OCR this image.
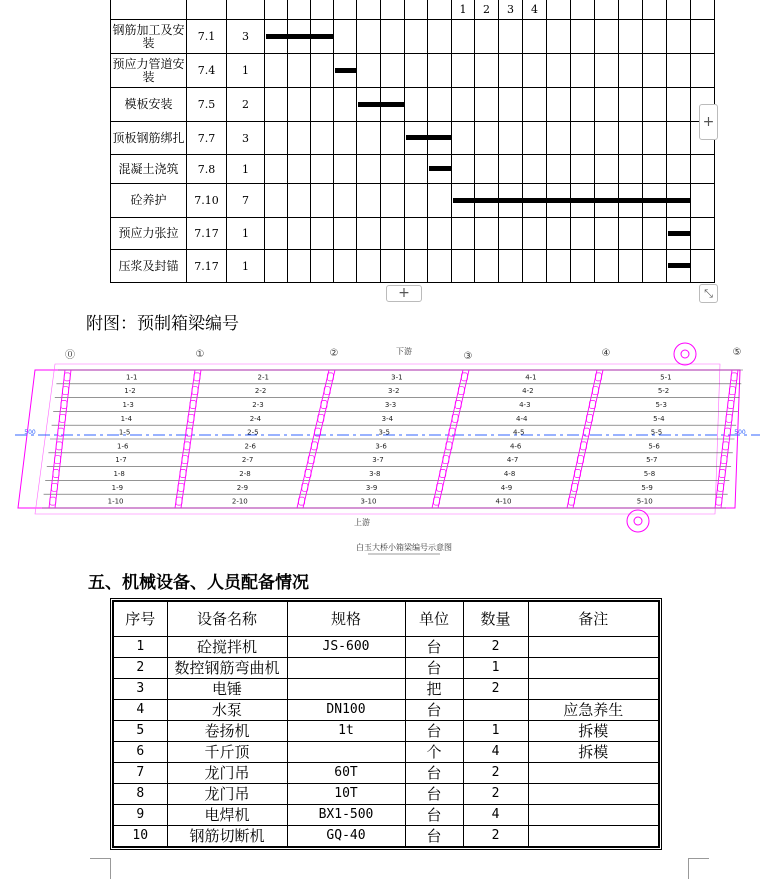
											1	2	3	4							
钢筋加工及安装	7.1	3																			
预应力管道安装	7.4	1																			
模板安装	7.5	2																			
顶板钢筋绑扎	7.7	3																			
混凝土浇筑	7.8	1																			
砼养护	7.10	7																			
预应力张拉	7.17	1																			
压浆及封锚	7.17	1																			
+
+	⤡
附图：预制箱梁编号
1-1	2-1	3-1	4-1	5-1
1-2	2-2	3-2	4-2	5-2
1-3	2-3	3-3	4-3	5-3
1-4	2-4	3-4	4-4	5-4
1-5	2-5	3-5	4-5	5-5
1-6	2-6	3-6	4-6	5-6
1-7	2-7	3-7	4-7	5-7
1-8	2-8	3-8	4-8	5-8
1-9	2-9	3-9	4-9	5-9
1-10	2-10	3-10	4-10	5-10
⓪	①	②	③	④	⑤
下游
上游
500	500
白玉大桥小箱梁编号示意图
五、机械设备、人员配备情况
序号	设备名称	规格	单位	数量	备注
1	砼搅拌机	JS-600	台	2	
2	数控钢筋弯曲机		台	1	
3	电锤		把	2	
4	水泵	DN100	台		应急养生
5	卷扬机	1t	台	1	拆模
6	千斤顶		个	4	拆模
7	龙门吊	60T	台	2	
8	龙门吊	10T	台	2	
9	电焊机	BX1-500	台	4	
10	钢筋切断机	GQ-40	台	2	
